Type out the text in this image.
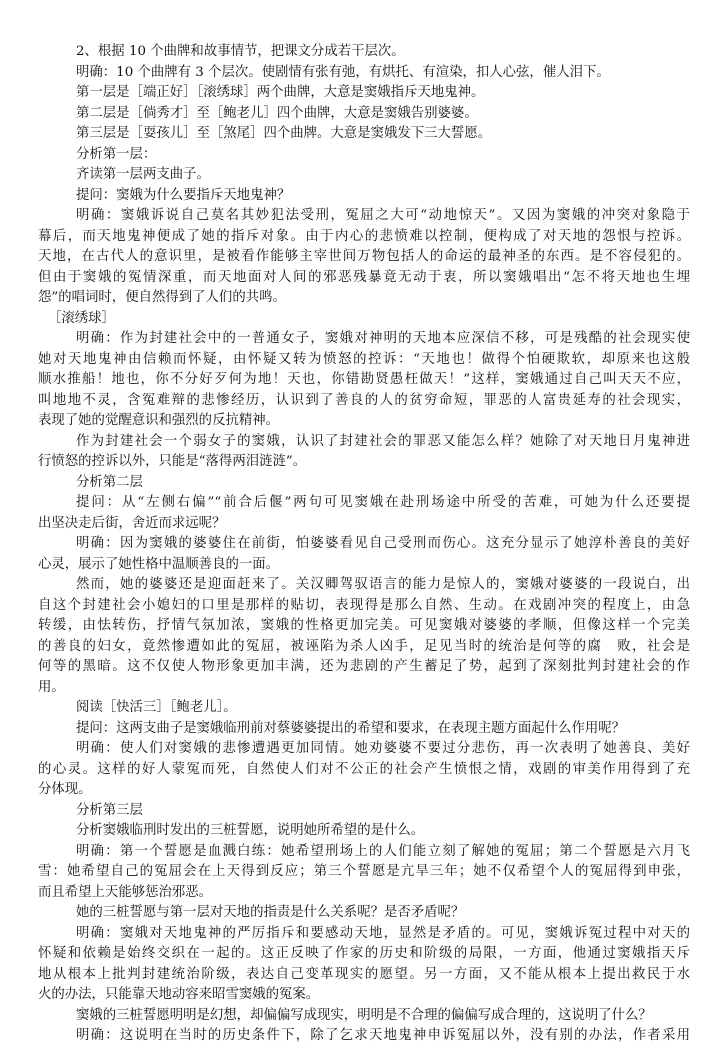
2、根据 10 个曲牌和故事情节，把课文分成若干层次。
明确：10 个曲牌有 3 个层次。使剧情有张有弛，有烘托、有渲染，扣人心弦，催人泪下。
第一层是［端正好］［滚绣球］两个曲牌，大意是窦娥指斥天地鬼神。
第二层是［倘秀才］至［鲍老儿］四个曲牌，大意是窦娥告别婆婆。
第三层是［耍孩儿］至［煞尾］四个曲牌。大意是窦娥发下三大誓愿。
分析第一层：
齐读第一层两支曲子。
提问：窦娥为什么要指斥天地鬼神？
明确：窦娥诉说自己莫名其妙犯法受刑，冤屈之大可“动地惊天”。又因为窦娥的冲突对象隐于
幕后，而天地鬼神便成了她的指斥对象。由于内心的悲愤难以控制，便构成了对天地的怨恨与控诉。
天地，在古代人的意识里，是被看作能够主宰世间万物包括人的命运的最神圣的东西。是不容侵犯的。
但由于窦娥的冤情深重，而天地面对人间的邪恶残暴竟无动于衷，所以窦娥唱出“怎不将天地也生埋
怨”的唱词时，便自然得到了人们的共鸣。
［滚绣球］
明确：作为封建社会中的一普通女子，窦娥对神明的天地本应深信不移，可是残酷的社会现实使
她对天地鬼神由信赖而怀疑，由怀疑又转为愤怒的控诉：“天地也！做得个怕硬欺软，却原来也这般
顺水推船！地也，你不分好歹何为地！天也，你错勘贤愚枉做天！”这样，窦娥通过自己叫天天不应，
叫地地不灵，含冤难辩的悲惨经历，认识到了善良的人的贫穷命短，罪恶的人富贵延寿的社会现实，
表现了她的觉醒意识和强烈的反抗精神。
作为封建社会一个弱女子的窦娥，认识了封建社会的罪恶又能怎么样？她除了对天地日月鬼神进
行愤怒的控诉以外，只能是“落得两泪涟涟”。
分析第二层
提问：从“左侧右偏”“前合后偃”两句可见窦娥在赴刑场途中所受的苦难，可她为什么还要提
出坚决走后街，舍近而求远呢？
明确：因为窦娥的婆婆住在前街，怕婆婆看见自己受刑而伤心。这充分显示了她淳朴善良的美好
心灵，展示了她性格中温顺善良的一面。
然而，她的婆婆还是迎面赶来了。关汉卿驾驭语言的能力是惊人的，窦娥对婆婆的一段说白，出
自这个封建社会小媳妇的口里是那样的贴切，表现得是那么自然、生动。在戏剧冲突的程度上，由急
转缓，由怯转伤，抒情气氛加浓，窦娥的性格更加完美。可见窦娥对婆婆的孝顺，但像这样一个完美
的善良的妇女，竟然惨遭如此的冤屈，被诬陷为杀人凶手，足见当时的统治是何等的腐　败，社会是
何等的黑暗。这不仅使人物形象更加丰满，还为悲剧的产生蓄足了势，起到了深刻批判封建社会的作
用。
阅读［快活三］［鲍老儿］。
提问：这两支曲子是窦娥临刑前对蔡婆婆提出的希望和要求，在表现主题方面起什么作用呢？
明确：使人们对窦娥的悲惨遭遇更加同情。她劝婆婆不要过分悲伤，再一次表明了她善良、美好
的心灵。这样的好人蒙冤而死，自然使人们对不公正的社会产生愤恨之情，戏剧的审美作用得到了充
分体现。
分析第三层
分析窦娥临刑时发出的三桩誓愿，说明她所希望的是什么。
明确：第一个誓愿是血溅白练：她希望刑场上的人们能立刻了解她的冤屈；第二个誓愿是六月飞
雪：她希望自己的冤屈会在上天得到反应；第三个誓愿是亢旱三年；她不仅希望个人的冤屈得到申张，
而且希望上天能够惩治邪恶。
她的三桩誓愿与第一层对天地的指责是什么关系呢？是否矛盾呢？
明确：窦娥对天地鬼神的严厉指斥和要感动天地，显然是矛盾的。可见，窦娥诉冤过程中对天的
怀疑和依赖是始终交织在一起的。这正反映了作家的历史和阶级的局限，一方面，他通过窦娥指天斥
地从根本上批判封建统治阶级，表达自己变革现实的愿望。另一方面，又不能从根本上提出救民于水
火的办法，只能靠天地动容来昭雪窦娥的冤案。
窦娥的三桩誓愿明明是幻想，却偏偏写成现实，明明是不合理的偏偏写成合理的，这说明了什么？
明确：这说明在当时的历史条件下，除了乞求天地鬼神申诉冤屈以外，没有别的办法，作者采用
